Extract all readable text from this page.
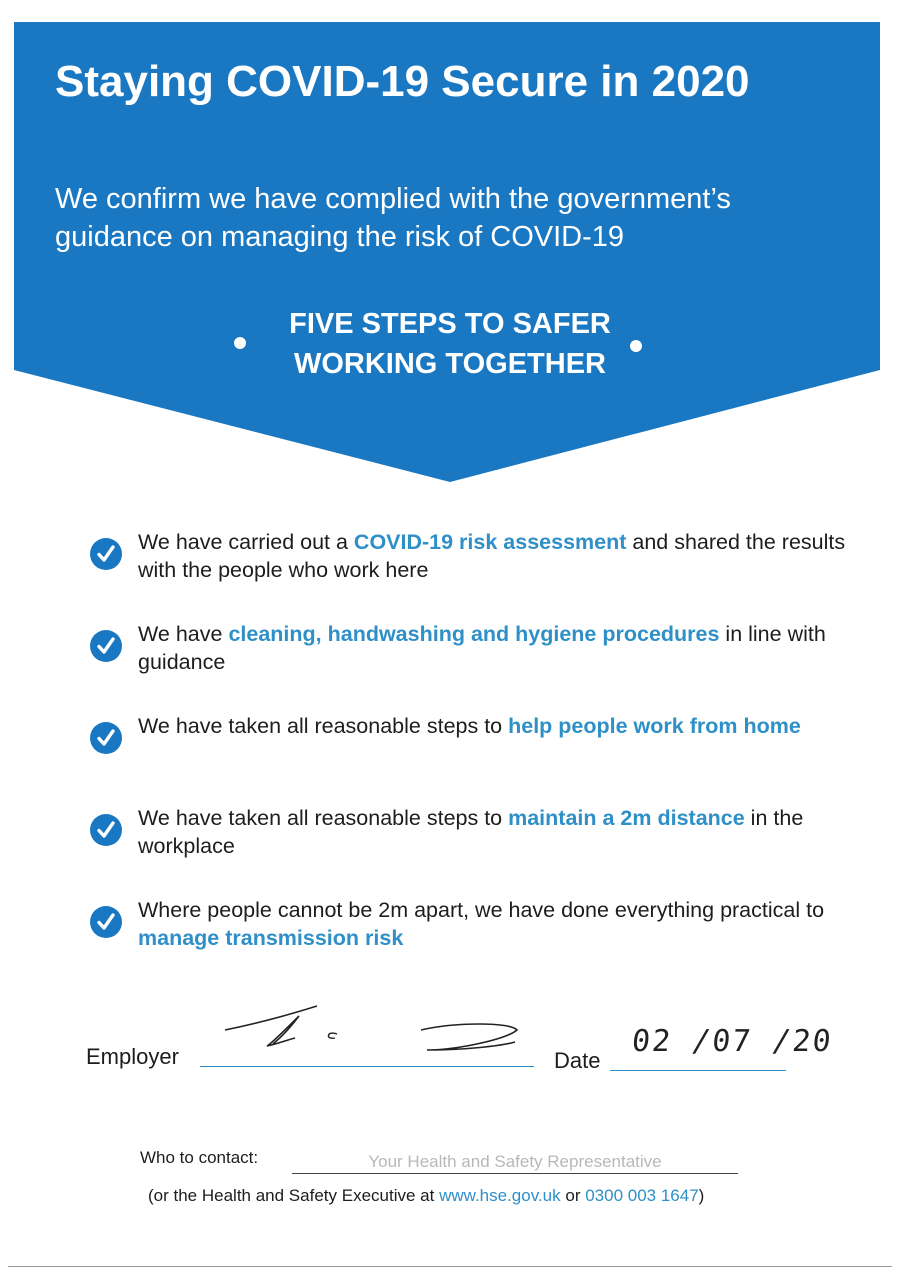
Staying COVID-19 Secure in 2020

We confirm we have complied with the government’s guidance on managing the risk of COVID-19

FIVE STEPS TO SAFER
WORKING TOGETHER
We have carried out a COVID-19 risk assessment and shared the results with the people who work here
We have cleaning, handwashing and hygiene procedures in line with guidance
We have taken all reasonable steps to help people work from home
We have taken all reasonable steps to maintain a 2m distance in the workplace
Where people cannot be 2m apart, we have done everything practical to manage transmission risk
Employer	Date
02 /07 /20
Who to contact:	Your Health and Safety Representative
(or the Health and Safety Executive at www.hse.gov.uk or 0300 003 1647)
